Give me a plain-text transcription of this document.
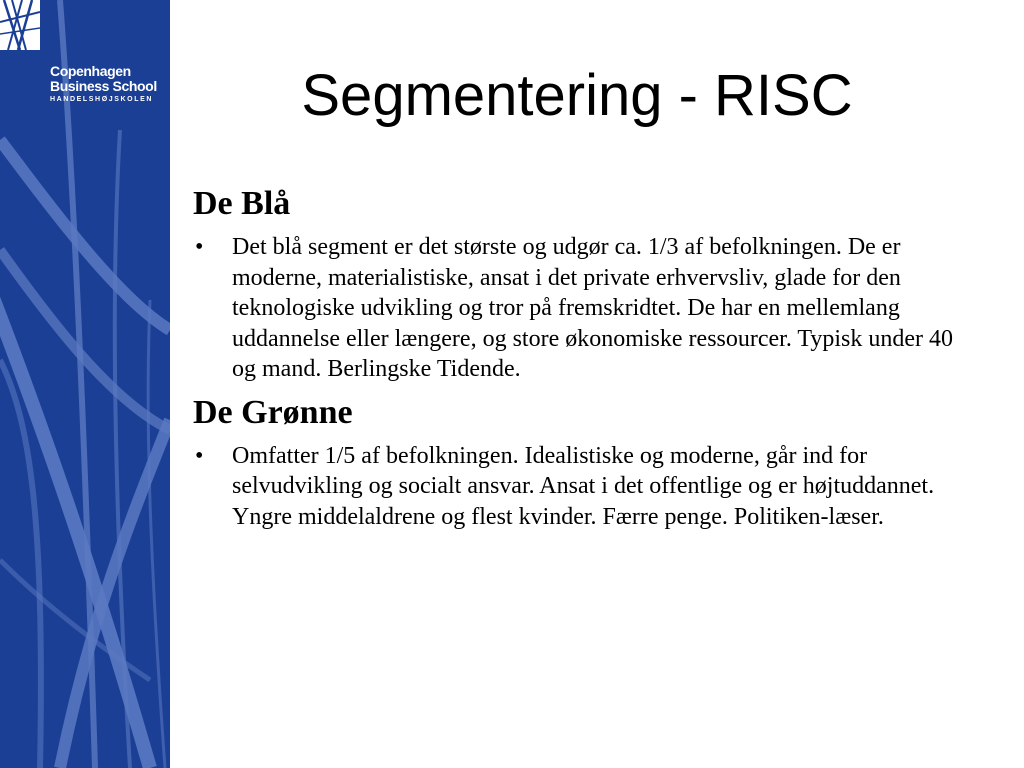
Copenhagen
Business School
HANDELSHØJSKOLEN	Segmentering - RISC
De Blå
•	Det blå segment er det største og udgør ca. 1/3 af befolkningen. De er moderne, materialistiske, ansat i det private erhvervsliv, glade for den teknologiske udvikling og tror på fremskridtet. De har en mellemlang uddannelse eller længere, og store økonomiske ressourcer. Typisk under 40 og mand. Berlingske Tidende.

De Grønne
•	Omfatter 1/5 af befolkningen. Idealistiske og moderne, går ind for selvudvikling og socialt ansvar. Ansat i det offentlige og er højtuddannet. Yngre middelaldrene og flest kvinder. Færre penge. Politiken-læser.
